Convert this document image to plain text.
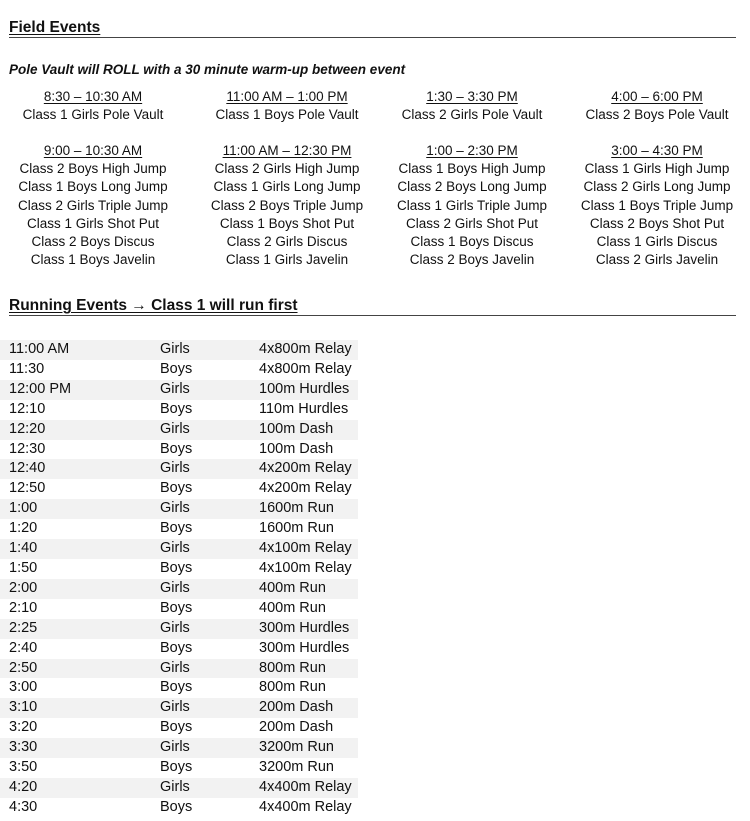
Field Events
Pole Vault will ROLL with a 30 minute warm-up between event
8:30 – 10:30 AM
Class 1 Girls Pole Vault
11:00 AM – 1:00 PM
Class 1 Boys Pole Vault
1:30 – 3:30 PM
Class 2 Girls Pole Vault
4:00 – 6:00 PM
Class 2 Boys Pole Vault
9:00 – 10:30 AM
Class 2 Boys High Jump
Class 1 Boys Long Jump
Class 2 Girls Triple Jump
Class 1 Girls Shot Put
Class 2 Boys Discus
Class 1 Boys Javelin
11:00 AM – 12:30 PM
Class 2 Girls High Jump
Class 1 Girls Long Jump
Class 2 Boys Triple Jump
Class 1 Boys Shot Put
Class 2 Girls Discus
Class 1 Girls Javelin
1:00 – 2:30 PM
Class 1 Boys High Jump
Class 2 Boys Long Jump
Class 1 Girls Triple Jump
Class 2 Girls Shot Put
Class 1 Boys Discus
Class 2 Boys Javelin
3:00 – 4:30 PM
Class 1 Girls High Jump
Class 2 Girls Long Jump
Class 1 Boys Triple Jump
Class 2 Boys Shot Put
Class 1 Girls Discus
Class 2 Girls Javelin
Running Events → Class 1 will run first
11:00 AM	Girls	4x800m Relay	
11:30	Boys	4x800m Relay	
12:00 PM	Girls	100m Hurdles	
12:10	Boys	110m Hurdles	
12:20	Girls	100m Dash	
12:30	Boys	100m Dash	
12:40	Girls	4x200m Relay	
12:50	Boys	4x200m Relay	
1:00	Girls	1600m Run	
1:20	Boys	1600m Run	
1:40	Girls	4x100m Relay	
1:50	Boys	4x100m Relay	
2:00	Girls	400m Run	
2:10	Boys	400m Run	
2:25	Girls	300m Hurdles	
2:40	Boys	300m Hurdles	
2:50	Girls	800m Run	
3:00	Boys	800m Run	
3:10	Girls	200m Dash	
3:20	Boys	200m Dash	
3:30	Girls	3200m Run	
3:50	Boys	3200m Run	
4:20	Girls	4x400m Relay	
4:30	Boys	4x400m Relay	
